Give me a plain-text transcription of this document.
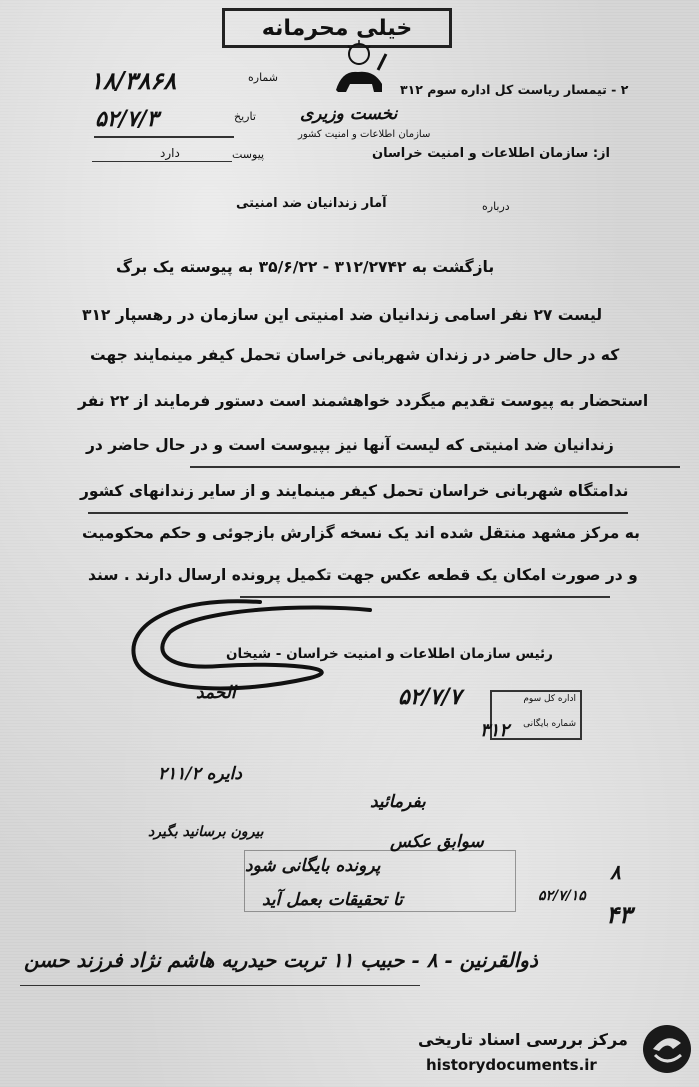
خیلی محرمانه
شماره
۱۸/۳۸۶۸
تاریخ
۵۲/۷/۳
پیوست
دارد
۲ - تیمسار ریاست کل اداره سوم ۳۱۲
نخست وزیری
سازمان اطلاعات و امنیت کشور
از: سازمان اطلاعات و امنیت خراسان
درباره
آمار زندانیان ضد امنیتی
بازگشت به ۳۱۲/۲۷۴۲ - ۳۵/۶/۲۲ به پیوسته یک برگ
لیست ۲۷ نفر اسامی زندانیان ضد امنیتی این سازمان در رهسپار ۳۱۲
که در حال حاضر در زندان شهربانی خراسان تحمل کیفر مینمایند جهت
استحضار به پیوست تقدیم میگردد خواهشمند است دستور فرمایند از ۲۲ نفر
زندانیان ضد امنیتی که لیست آنها نیز بپیوست است و در حال حاضر در
ندامتگاه شهربانی خراسان تحمل کیفر مینمایند و از سایر زندانهای کشور
به مرکز مشهد منتقل شده اند یک نسخه گزارش بازجوئی و حکم محکومیت
و در صورت امکان یک قطعه عکس جهت تکمیل پرونده ارسال دارند . سند
رئیس سازمان اطلاعات و امنیت خراسان - شیخان
الحمد	اداره کل سوم
شماره بایگانی
۵۲/۷/۷
۳۱۲
دایره ۲۱۱/۲
بفرمائید
بیرون برسانید بگیرد	سوابق عکس
پرونده بایگانی شود
تا تحقیقات بعمل آید
۸
۵۲/۷/۱۵
۴۳
ذوالقرنین - ۸ - حبیب ۱۱ تربت حیدریه هاشم نژاد فرزند حسن
مرکز بررسی اسناد تاریخی
historydocuments.ir
